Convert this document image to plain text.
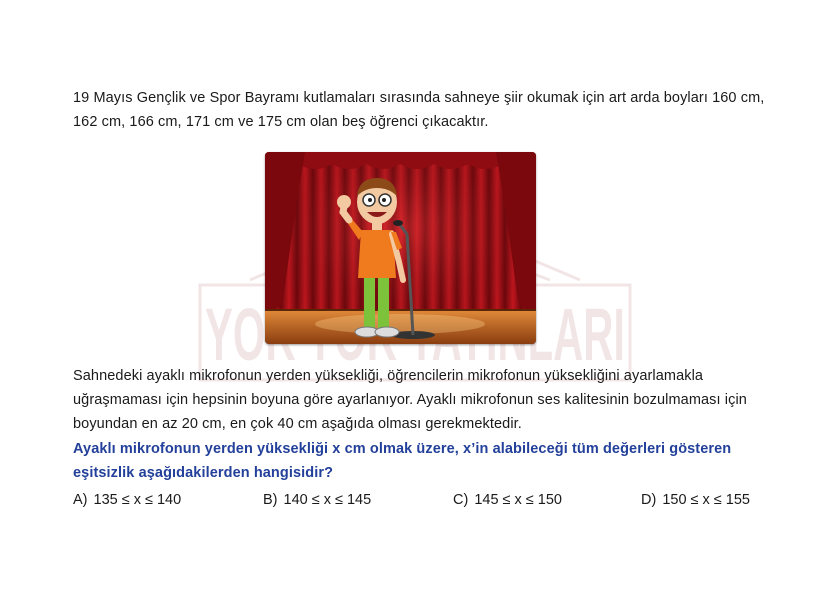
YOK
19 Mayıs Gençlik ve Spor Bayramı kutlamaları sırasında sahneye şiir okumak için art arda boyları 160 cm, 162 cm, 166 cm, 171 cm ve 175 cm olan beş öğrenci çıkacaktır.
Sahnedeki ayaklı mikrofonun yerden yüksekliği, öğrencilerin mikrofonun yüksekliğini ayarlamakla uğraşmaması için hepsinin boyuna göre ayarlanıyor. Ayaklı mikrofonun ses kalitesinin bozulmaması için boyundan en az 20 cm, en çok 40 cm aşağıda olması gerekmektedir.
Ayaklı mikrofonun yerden yüksekliği x cm olmak üzere, x’in alabileceği tüm değerleri gösteren eşitsizlik aşağıdakilerden hangisidir?
A) 135 ≤ x ≤ 140	B) 140 ≤ x ≤ 145	C) 145 ≤ x ≤ 150	D) 150 ≤ x ≤ 155
